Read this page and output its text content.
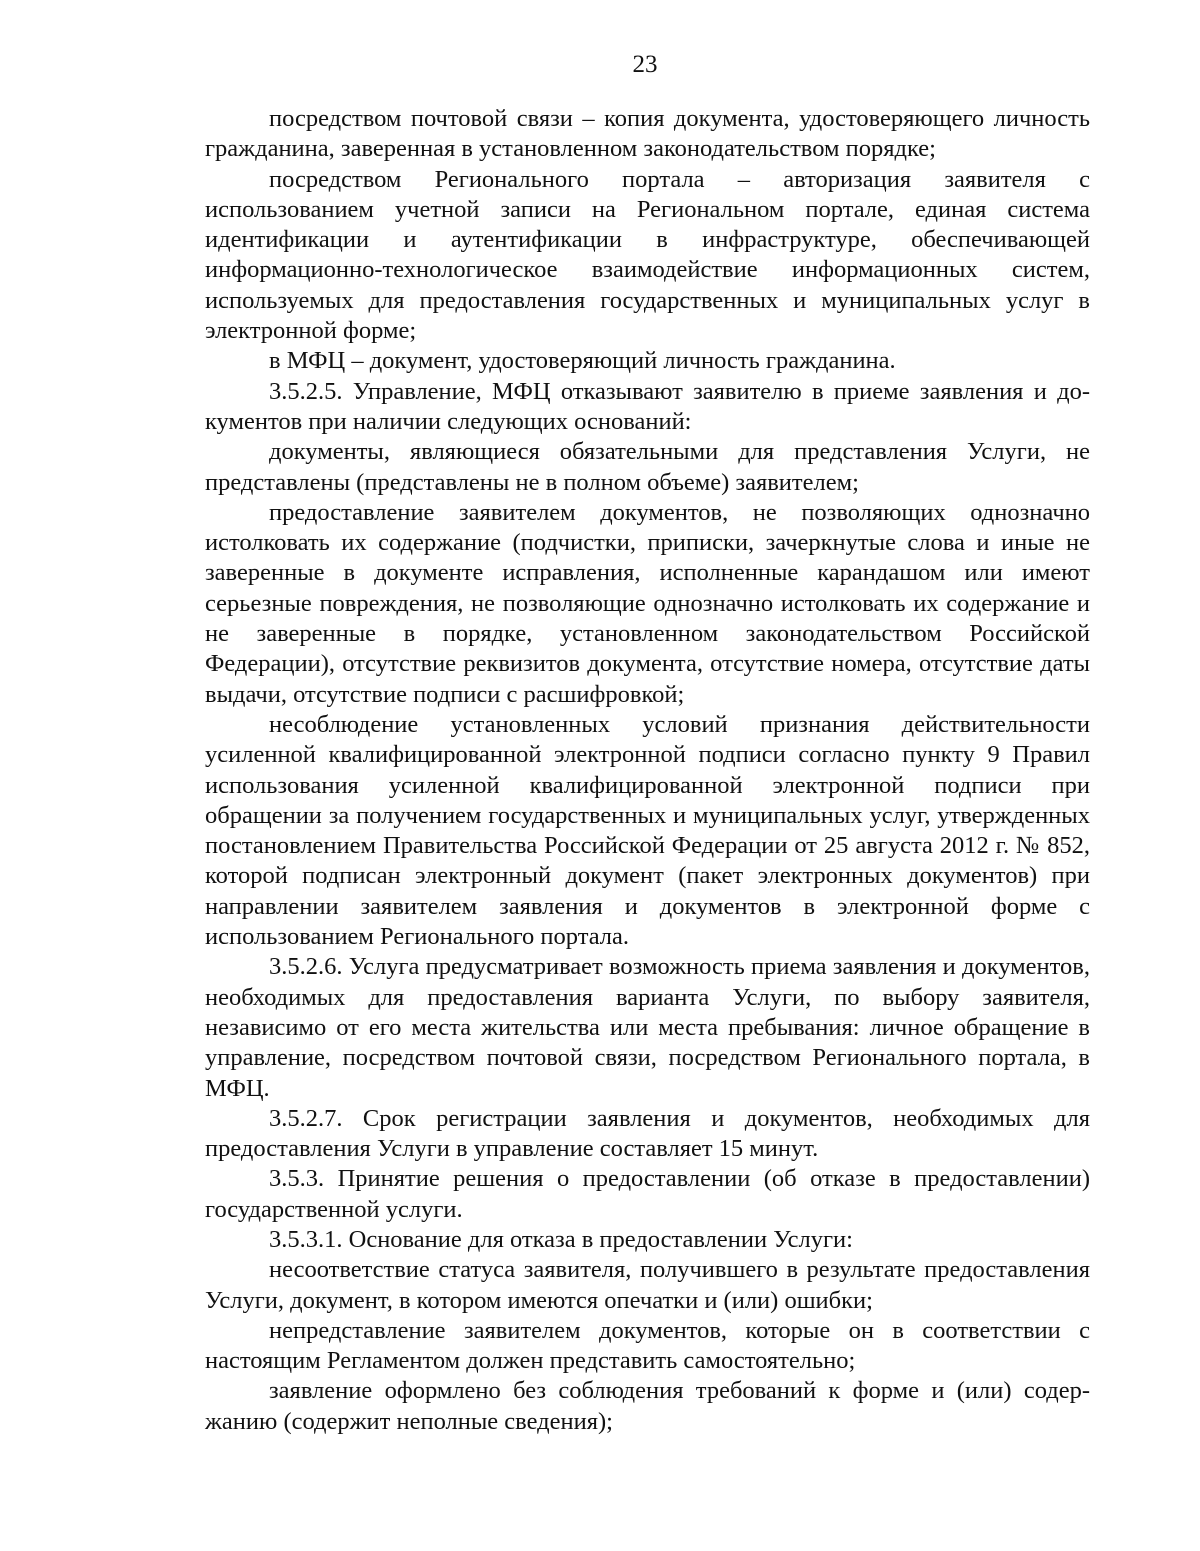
23

посредством почтовой связи – копия документа, удостоверяющего личность гражданина, заверенная в установленном законодательством порядке;

посредством Регионального портала – авторизация заявителя с использованием учетной записи на Региональном портале, единая система идентификации и аутентификации в инфраструктуре, обеспечивающей информационно-технологическое взаимодействие информационных систем, используемых для предоставления государственных и муниципальных услуг в электронной форме;

в МФЦ – документ, удостоверяющий личность гражданина.

3.5.2.5. Управление, МФЦ отказывают заявителю в приеме заявления и документов при наличии следующих оснований:

документы, являющиеся обязательными для представления Услуги, не представлены (представлены не в полном объеме) заявителем;

предоставление заявителем документов, не позволяющих однозначно истолковать их содержание (подчистки, приписки, зачеркнутые слова и иные не заверенные в документе исправления, исполненные карандашом или имеют серьезные повреждения, не позволяющие однозначно истолковать их содержание и не заверенные в порядке, установленном законодательством Российской Федерации), отсутствие реквизитов документа, отсутствие номера, отсутствие даты выдачи, отсутствие подписи с расшифровкой;

несоблюдение установленных условий признания действительности усиленной квалифицированной электронной подписи согласно пункту 9 Правил использования усиленной квалифицированной электронной подписи при обращении за получением государственных и муниципальных услуг, утвержденных постановлением Правительства Российской Федерации от 25 августа 2012 г. № 852, которой подписан электронный документ (пакет электронных документов) при направлении заявителем заявления и документов в электронной форме с использованием Регионального портала.

3.5.2.6. Услуга предусматривает возможность приема заявления и документов, необходимых для предоставления варианта Услуги, по выбору заявителя, независимо от его места жительства или места пребывания: личное обращение в управление, посредством почтовой связи, посредством Регионального портала, в МФЦ.

3.5.2.7. Срок регистрации заявления и документов, необходимых для предоставления Услуги в управление составляет 15 минут.

3.5.3. Принятие решения о предоставлении (об отказе в предоставлении) государственной услуги.

3.5.3.1. Основание для отказа в предоставлении Услуги:

несоответствие статуса заявителя, получившего в результате предоставления Услуги, документ, в котором имеются опечатки и (или) ошибки;

непредставление заявителем документов, которые он в соответствии с настоящим Регламентом должен представить самостоятельно;

заявление оформлено без соблюдения требований к форме и (или) содержанию (содержит неполные сведения);
